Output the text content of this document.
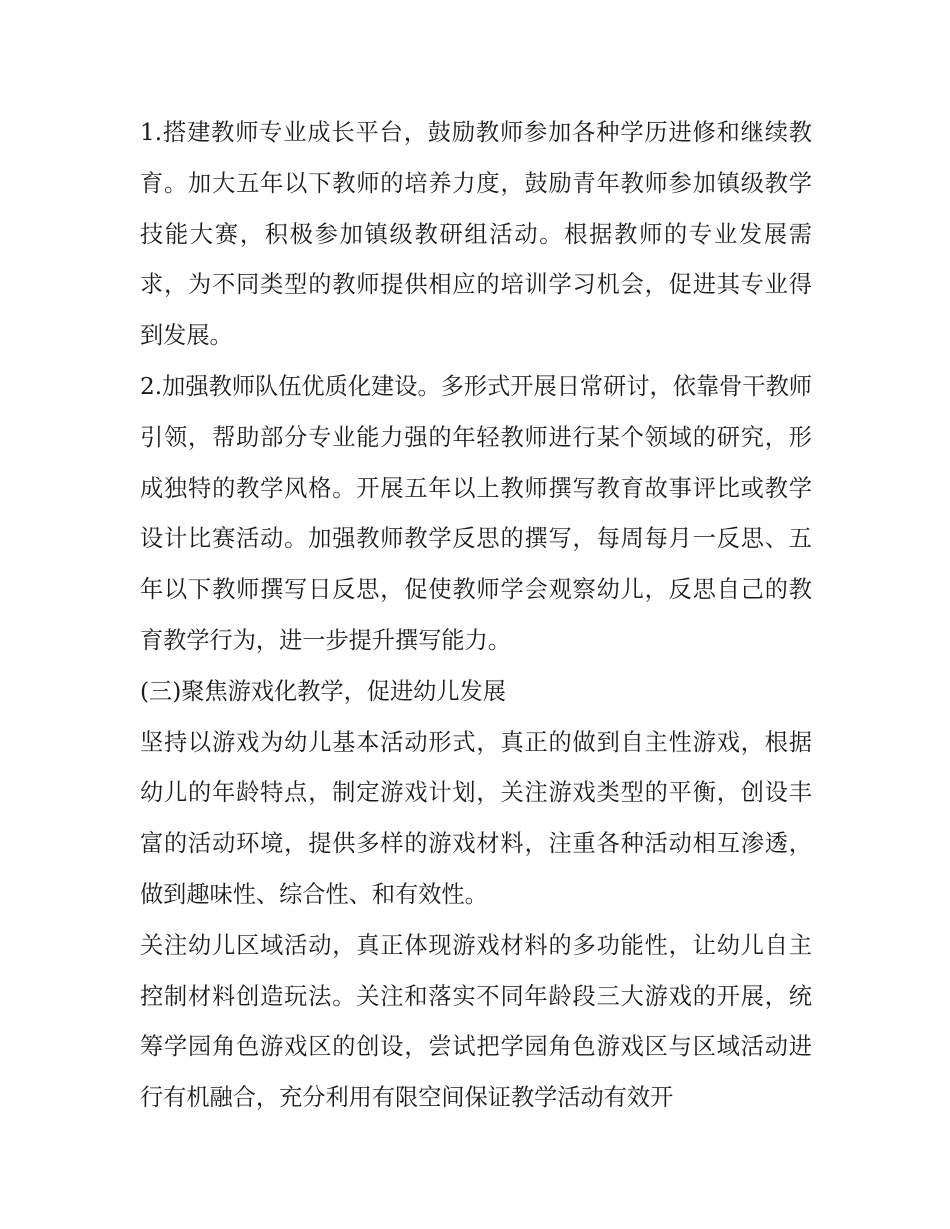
1.搭建教师专业成长平台，鼓励教师参加各种学历进修和继续教育。加大五年以下教师的培养力度，鼓励青年教师参加镇级教学技能大赛，积极参加镇级教研组活动。根据教师的专业发展需求，为不同类型的教师提供相应的培训学习机会，促进其专业得到发展。

2.加强教师队伍优质化建设。多形式开展日常研讨，依靠骨干教师引领，帮助部分专业能力强的年轻教师进行某个领域的研究，形成独特的教学风格。开展五年以上教师撰写教育故事评比或教学设计比赛活动。加强教师教学反思的撰写，每周每月一反思、五年以下教师撰写日反思，促使教师学会观察幼儿，反思自己的教育教学行为，进一步提升撰写能力。

(三)聚焦游戏化教学，促进幼儿发展

坚持以游戏为幼儿基本活动形式，真正的做到自主性游戏，根据幼儿的年龄特点，制定游戏计划，关注游戏类型的平衡，创设丰富的活动环境，提供多样的游戏材料，注重各种活动相互渗透，做到趣味性、综合性、和有效性。

关注幼儿区域活动，真正体现游戏材料的多功能性，让幼儿自主控制材料创造玩法。关注和落实不同年龄段三大游戏的开展，统筹学园角色游戏区的创设，尝试把学园角色游戏区与区域活动进行有机融合，充分利用有限空间保证教学活动有效开
